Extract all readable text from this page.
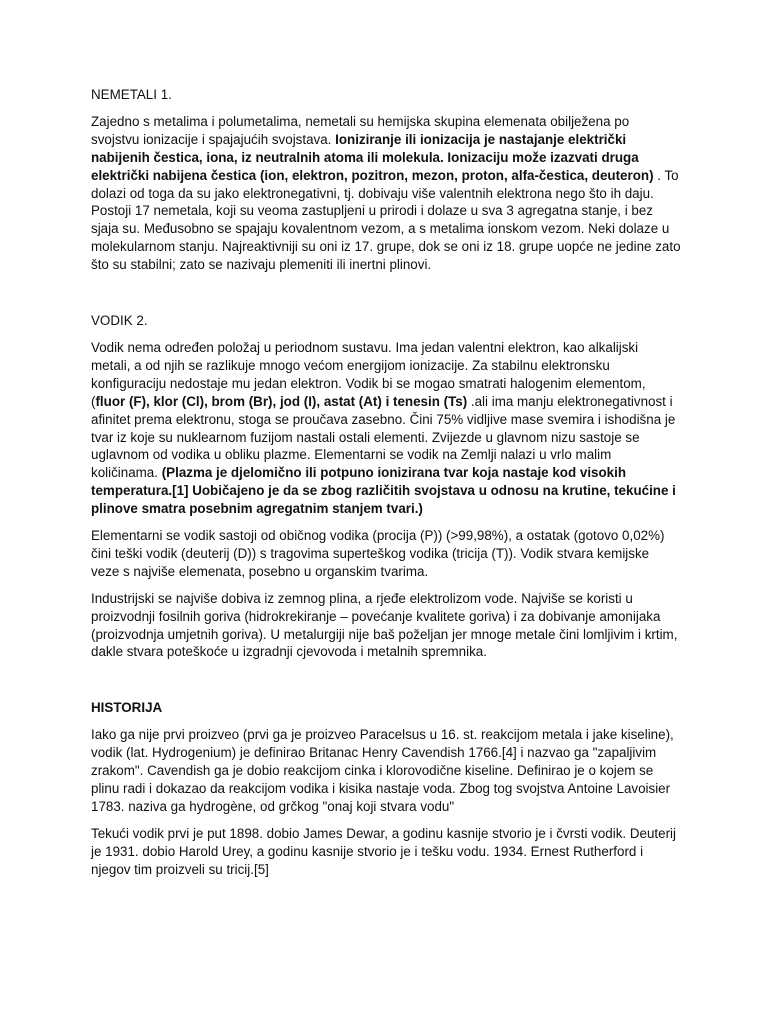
NEMETALI 1.

Zajedno s metalima i polumetalima, nemetali su hemijska skupina elemenata obilježena po svojstvu ionizacije i spajajućih svojstava. Ioniziranje ili ionizacija je nastajanje električki nabijenih čestica, iona, iz neutralnih atoma ili molekula. Ionizaciju može izazvati druga električki nabijena čestica (ion, elektron, pozitron, mezon, proton, alfa-čestica, deuteron) . To dolazi od toga da su jako elektronegativni, tj. dobivaju više valentnih elektrona nego što ih daju. Postoji 17 nemetala, koji su veoma zastupljeni u prirodi i dolaze u sva 3 agregatna stanje, i bez sjaja su. Međusobno se spajaju kovalentnom vezom, a s metalima ionskom vezom. Neki dolaze u molekularnom stanju. Najreaktivniji su oni iz 17. grupe, dok se oni iz 18. grupe uopće ne jedine zato što su stabilni; zato se nazivaju plemeniti ili inertni plinovi.

VODIK 2.

Vodik nema određen položaj u periodnom sustavu. Ima jedan valentni elektron, kao alkalijski metali, a od njih se razlikuje mnogo većom energijom ionizacije. Za stabilnu elektronsku konfiguraciju nedostaje mu jedan elektron. Vodik bi se mogao smatrati halogenim elementom, (fluor (F), klor (Cl), brom (Br), jod (I), astat (At) i tenesin (Ts) .ali ima manju elektronegativnost i afinitet prema elektronu, stoga se proučava zasebno. Čini 75% vidljive mase svemira i ishodišna je tvar iz koje su nuklearnom fuzijom nastali ostali elementi. Zvijezde u glavnom nizu sastoje se uglavnom od vodika u obliku plazme. Elementarni se vodik na Zemlji nalazi u vrlo malim količinama. (Plazma je djelomično ili potpuno ionizirana tvar koja nastaje kod visokih temperatura.[1] Uobičajeno je da se zbog različitih svojstava u odnosu na krutine, tekućine i plinove smatra posebnim agregatnim stanjem tvari.)

Elementarni se vodik sastoji od običnog vodika (procija (P)) (>99,98%), a ostatak (gotovo 0,02%) čini teški vodik (deuterij (D)) s tragovima superteškog vodika (tricija (T)). Vodik stvara kemijske veze s najviše elemenata, posebno u organskim tvarima.

Industrijski se najviše dobiva iz zemnog plina, a rjeđe elektrolizom vode. Najviše se koristi u proizvodnji fosilnih goriva (hidrokrekiranje – povećanje kvalitete goriva) i za dobivanje amonijaka (proizvodnja umjetnih goriva). U metalurgiji nije baš poželjan jer mnoge metale čini lomljivim i krtim, dakle stvara poteškoće u izgradnji cjevovoda i metalnih spremnika.

HISTORIJA

Iako ga nije prvi proizveo (prvi ga je proizveo Paracelsus u 16. st. reakcijom metala i jake kiseline), vodik (lat. Hydrogenium) je definirao Britanac Henry Cavendish 1766.[4] i nazvao ga "zapaljivim zrakom". Cavendish ga je dobio reakcijom cinka i klorovodične kiseline. Definirao je o kojem se plinu radi i dokazao da reakcijom vodika i kisika nastaje voda. Zbog tog svojstva Antoine Lavoisier 1783. naziva ga hydrogène, od grčkog "onaj koji stvara vodu"

Tekući vodik prvi je put 1898. dobio James Dewar, a godinu kasnije stvorio je i čvrsti vodik. Deuterij je 1931. dobio Harold Urey, a godinu kasnije stvorio je i tešku vodu. 1934. Ernest Rutherford i njegov tim proizveli su tricij.[5]
